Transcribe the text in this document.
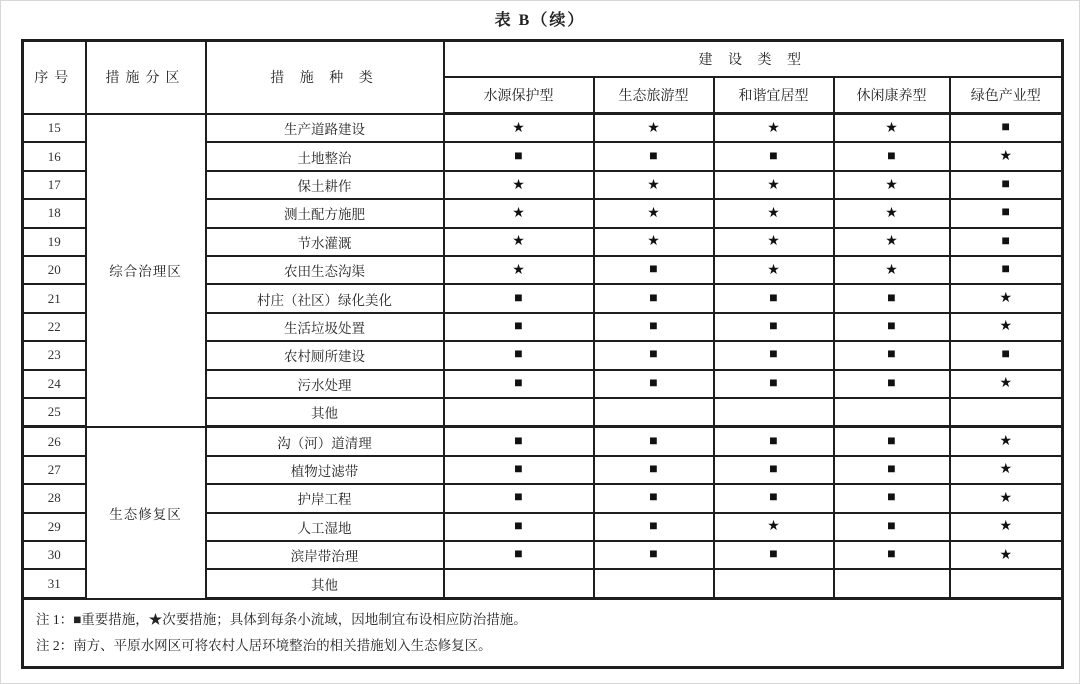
表 B（续）
序号	措施分区	措 施 种 类	建 设 类 型				
			水源保护型	生态旅游型	和谐宜居型	休闲康养型	绿色产业型
15	综合治理区	生产道路建设	★	★	★	★	■
16		土地整治	■	■	■	■	★
17		保土耕作	★	★	★	★	■
18		测土配方施肥	★	★	★	★	■
19		节水灌溉	★	★	★	★	■
20		农田生态沟渠	★	■	★	★	■
21		村庄（社区）绿化美化	■	■	■	■	★
22		生活垃圾处置	■	■	■	■	★
23		农村厕所建设	■	■	■	■	■
24		污水处理	■	■	■	■	★
25		其他					
26	生态修复区	沟（河）道清理	■	■	■	■	★
27		植物过滤带	■	■	■	■	★
28		护岸工程	■	■	■	■	★
29		人工湿地	■	■	★	■	★
30		滨岸带治理	■	■	■	■	★
31		其他					

注 1：■重要措施，★次要措施；具体到每条小流域，因地制宜布设相应防治措施。
注 2：南方、平原水网区可将农村人居环境整治的相关措施划入生态修复区。							
